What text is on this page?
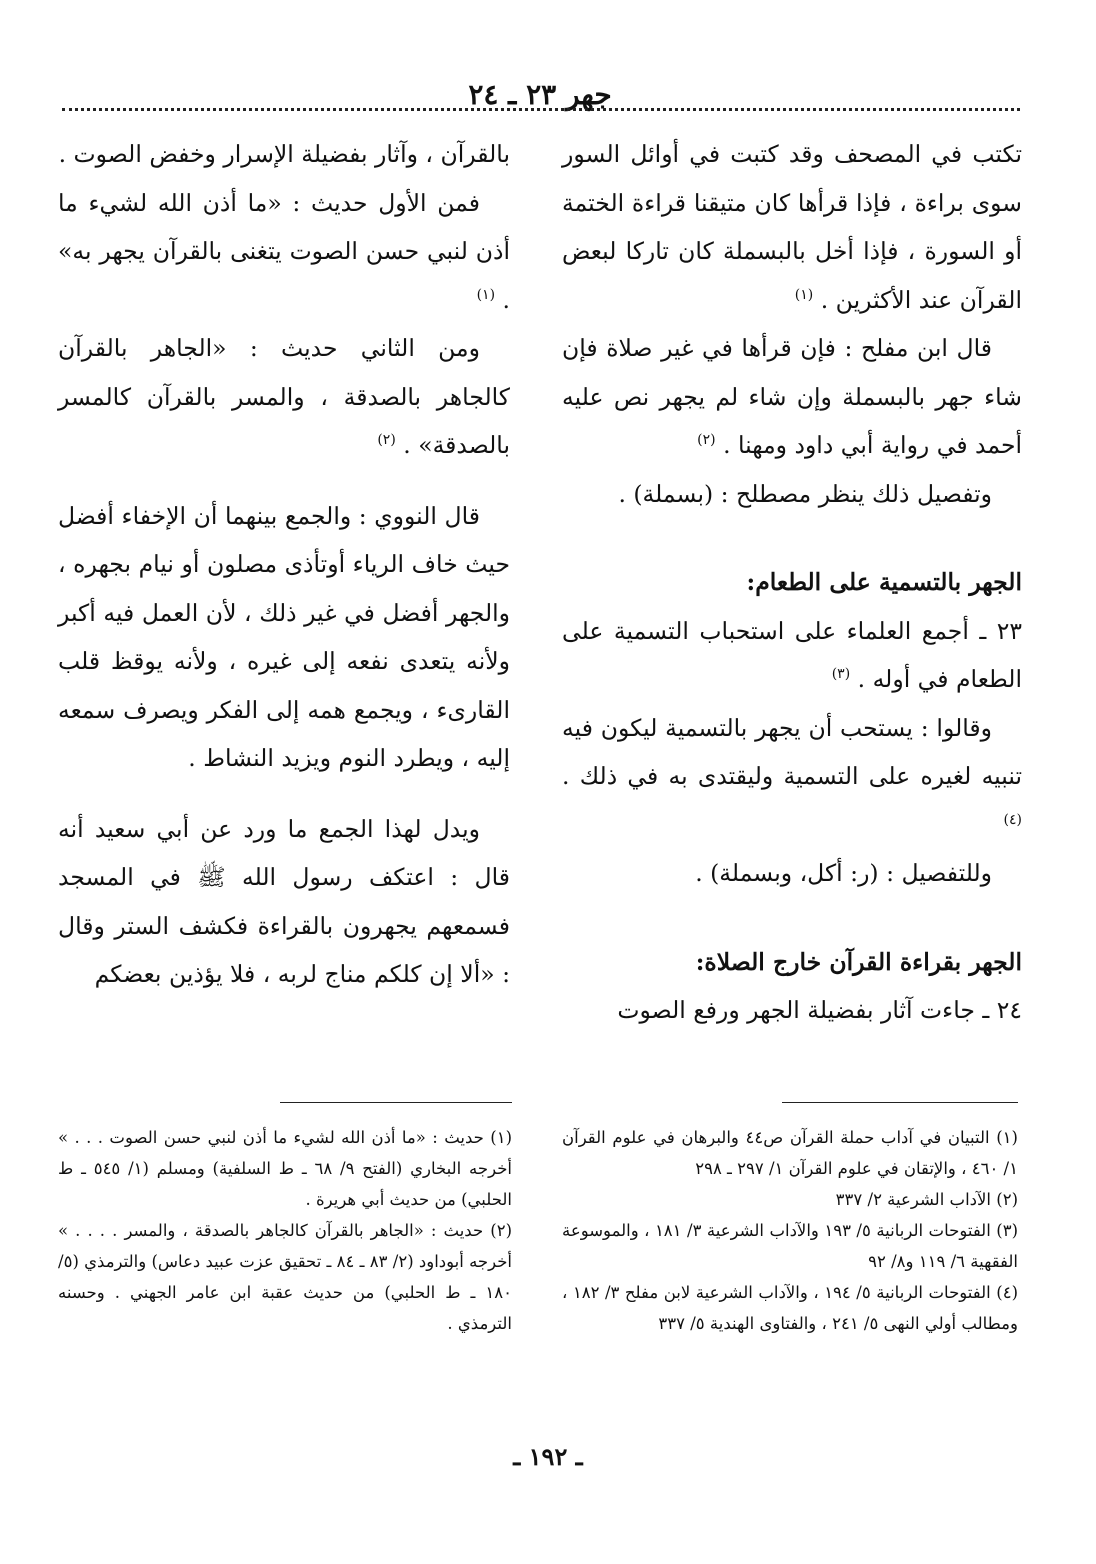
جهر ٢٣ ـ ٢٤

تكتب في المصحف وقد كتبت في أوائل السور سوى براءة ، فإذا قرأها كان متيقنا قراءة الختمة أو السورة ، فإذا أخل بالبسملة كان تاركا لبعض القرآن عند الأكثرين . $^{(١)}$

قال ابن مفلح : فإن قرأها في غير صلاة فإن شاء جهر بالبسملة وإن شاء لم يجهر نص عليه أحمد في رواية أبي داود ومهنا . $^{(٢)}$

وتفصيل ذلك ينظر مصطلح : (بسملة) .

الجهر بالتسمية على الطعام:

٢٣ ـ أجمع العلماء على استحباب التسمية على الطعام في أوله . $^{(٣)}$

وقالوا : يستحب أن يجهر بالتسمية ليكون فيه تنبيه لغيره على التسمية وليقتدى به في ذلك . $^{(٤)}$

وللتفصيل : (ر: أكل، وبسملة) .

الجهر بقراءة القرآن خارج الصلاة:

٢٤ ـ جاءت آثار بفضيلة الجهر ورفع الصوت

بالقرآن ، وآثار بفضيلة الإسرار وخفض الصوت .

فمن الأول حديث : «ما أذن الله لشيء ما أذن لنبي حسن الصوت يتغنى بالقرآن يجهر به» . $^{(١)}$

ومن الثاني حديث : «الجاهر بالقرآن كالجاهر بالصدقة ، والمسر بالقرآن كالمسر بالصدقة» . $^{(٢)}$

قال النووي : والجمع بينهما أن الإخفاء أفضل حيث خاف الرياء أوتأذى مصلون أو نيام بجهره ، والجهر أفضل في غير ذلك ، لأن العمل فيه أكبر ولأنه يتعدى نفعه إلى غيره ، ولأنه يوقظ قلب القارىء ، ويجمع همه إلى الفكر ويصرف سمعه إليه ، ويطرد النوم ويزيد النشاط .

ويدل لهذا الجمع ما ورد عن أبي سعيد أنه قال : اعتكف رسول الله ﷺ في المسجد فسمعهم يجهرون بالقراءة فكشف الستر وقال : «ألا إن كلكم مناج لربه ، فلا يؤذين بعضكم

(١) التبيان في آداب حملة القرآن ص٤٤ والبرهان في علوم القرآن ١/ ٤٦٠ ، والإتقان في علوم القرآن ١/ ٢٩٧ ـ ٢٩٨

(٢) الآداب الشرعية ٢/ ٣٣٧

(٣) الفتوحات الربانية ٥/ ١٩٣ والآداب الشرعية ٣/ ١٨١ ، والموسوعة الفقهية ٦/ ١١٩ و٨/ ٩٢

(٤) الفتوحات الربانية ٥/ ١٩٤ ، والآداب الشرعية لابن مفلح ٣/ ١٨٢ ، ومطالب أولي النهى ٥/ ٢٤١ ، والفتاوى الهندية ٥/ ٣٣٧

(١) حديث : «ما أذن الله لشيء ما أذن لنبي حسن الصوت . . . » أخرجه البخاري (الفتح ٩/ ٦٨ ـ ط السلفية) ومسلم (١/ ٥٤٥ ـ ط الحلبي) من حديث أبي هريرة .

(٢) حديث : «الجاهر بالقرآن كالجاهر بالصدقة ، والمسر . . . . » أخرجه أبوداود (٢/ ٨٣ ـ ٨٤ ـ تحقيق عزت عبيد دعاس) والترمذي (٥/ ١٨٠ ـ ط الحلبي) من حديث عقبة ابن عامر الجهني . وحسنه الترمذي .

ـ ١٩٢ ـ
